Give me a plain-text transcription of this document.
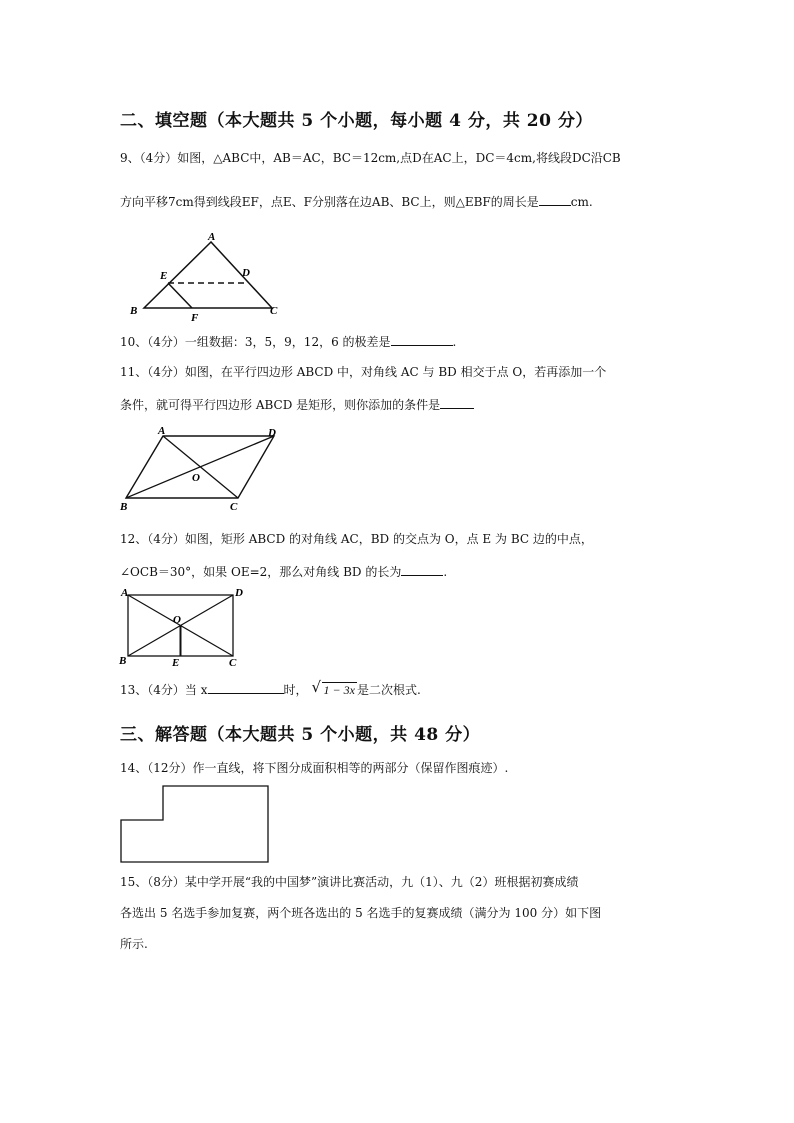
二、填空题（本大题共 5 个小题，每小题 4 分，共 20 分）
9、（4分）如图，△ABC中，AB＝AC，BC＝12cm,点D在AC上，DC＝4cm,将线段DC沿CB
方向平移7cm得到线段EF，点E、F分别落在边AB、BC上，则△EBF的周长是	cm.
A
E	D
B	C
F
10、（4分）一组数据：3，5，9，12，6 的极差是	.
11、（4分）如图，在平行四边形 ABCD 中，对角线 AC 与 BD 相交于点 O，若再添加一个
条件，就可得平行四边形 ABCD 是矩形，则你添加的条件是
A	D
O
B	C
12、（4分）如图，矩形 ABCD 的对角线 AC，BD 的交点为 O，点 E 为 BC 边的中点，
∠OCB＝30°，如果 OE=2，那么对角线 BD 的长为	.
A	D
O
B	E	C
13、（4分）当 x	时， √ 1 − 3x 是二次根式.
三、解答题（本大题共 5 个小题，共 48 分）
14、（12分）作一直线，将下图分成面积相等的两部分（保留作图痕迹）.
15、（8分）某中学开展“我的中国梦”演讲比赛活动，九（1）、九（2）班根据初赛成绩
各选出 5 名选手参加复赛，两个班各选出的 5 名选手的复赛成绩（满分为 100 分）如下图
所示.
